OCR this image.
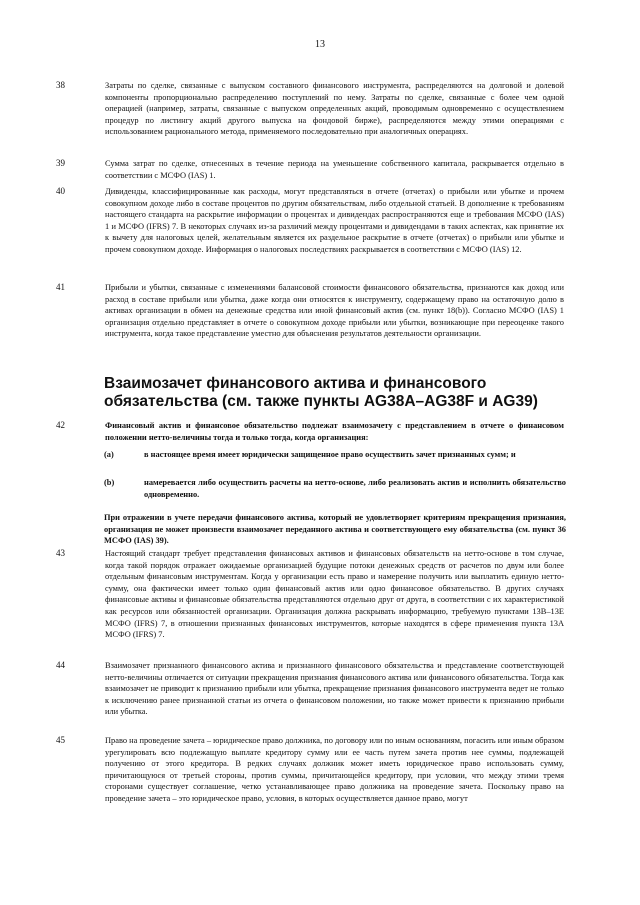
13
38	Затраты по сделке, связанные с выпуском составного финансового инструмента, распределяются на долговой и долевой компоненты пропорционально распределению поступлений по нему. Затраты по сделке, связанные с более чем одной операцией (например, затраты, связанные с выпуском определенных акций, проводимым одновременно с осуществлением процедур по листингу акций другого выпуска на фондовой бирже), распределяются между этими операциями с использованием рационального метода, применяемого последовательно при аналогичных операциях.
39	Сумма затрат по сделке, отнесенных в течение периода на уменьшение собственного капитала, раскрывается отдельно в соответствии с МСФО (IAS) 1.
40	Дивиденды, классифицированные как расходы, могут представляться в отчете (отчетах) о прибыли или убытке и прочем совокупном доходе либо в составе процентов по другим обязательствам, либо отдельной статьей. В дополнение к требованиям настоящего стандарта на раскрытие информации о процентах и дивидендах распространяются еще и требования МСФО (IAS) 1 и МСФО (IFRS) 7. В некоторых случаях из-за различий между процентами и дивидендами в таких аспектах, как принятие их к вычету для налоговых целей, желательным является их раздельное раскрытие в отчете (отчетах) о прибыли или убытке и прочем совокупном доходе. Информация о налоговых последствиях раскрывается в соответствии с МСФО (IAS) 12.
41	Прибыли и убытки, связанные с изменениями балансовой стоимости финансового обязательства, признаются как доход или расход в составе прибыли или убытка, даже когда они относятся к инструменту, содержащему право на остаточную долю в активах организации в обмен на денежные средства или иной финансовый актив (см. пункт 18(b)). Согласно МСФО (IAS) 1 организация отдельно представляет в отчете о совокупном доходе прибыли или убытки, возникающие при переоценке такого инструмента, когда такое представление уместно для объяснения результатов деятельности организации.
Взаимозачет финансового актива и финансового обязательства (см. также пункты AG38A–AG38F и AG39)
42	Финансовый актив и финансовое обязательство подлежат взаимозачету с представлением в отчете о финансовом положении нетто-величины тогда и только тогда, когда организация:
(a)	в настоящее время имеет юридически защищенное право осуществить зачет признанных сумм; и
(b)	намеревается либо осуществить расчеты на нетто-основе, либо реализовать актив и исполнить обязательство одновременно.
При отражении в учете передачи финансового актива, который не удовлетворяет критериям прекращения признания, организация не может произвести взаимозачет переданного актива и соответствующего ему обязательства (см. пункт 36 МСФО (IAS) 39).
43	Настоящий стандарт требует представления финансовых активов и финансовых обязательств на нетто-основе в том случае, когда такой порядок отражает ожидаемые организацией будущие потоки денежных средств от расчетов по двум или более отдельным финансовым инструментам. Когда у организации есть право и намерение получить или выплатить единую нетто-сумму, она фактически имеет только один финансовый актив или одно финансовое обязательство. В других случаях финансовые активы и финансовые обязательства представляются отдельно друг от друга, в соответствии с их характеристикой как ресурсов или обязанностей организации. Организация должна раскрывать информацию, требуемую пунктами 13B–13E МСФО (IFRS) 7, в отношении признанных финансовых инструментов, которые находятся в сфере применения пункта 13A МСФО (IFRS) 7.
44	Взаимозачет признанного финансового актива и признанного финансового обязательства и представление соответствующей нетто-величины отличается от ситуации прекращения признания финансового актива или финансового обязательства. Тогда как взаимозачет не приводит к признанию прибыли или убытка, прекращение признания финансового инструмента ведет не только к исключению ранее признанной статьи из отчета о финансовом положении, но также может привести к признанию прибыли или убытка.
45	Право на проведение зачета – юридическое право должника, по договору или по иным основаниям, погасить или иным образом урегулировать всю подлежащую выплате кредитору сумму или ее часть путем зачета против нее суммы, подлежащей получению от этого кредитора. В редких случаях должник может иметь юридическое право использовать сумму, причитающуюся от третьей стороны, против суммы, причитающейся кредитору, при условии, что между этими тремя сторонами существует соглашение, четко устанавливающее право должника на проведение зачета. Поскольку право на проведение зачета – это юридическое право, условия, в которых осуществляется данное право, могут
